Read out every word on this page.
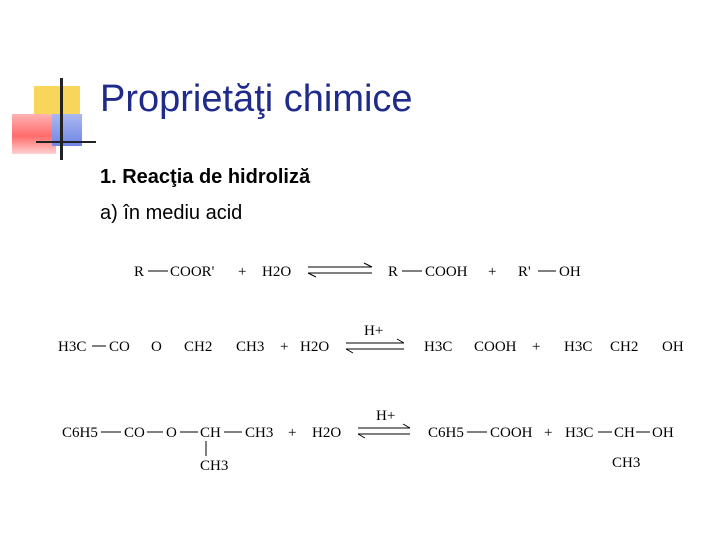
Proprietăţi chimice
1. Reacţia de hidroliză
a) în mediu acid
R COOR' + H2O	R COOH + R' OH
H+
H3C CO O CH2 CH3 + H2O	H3C COOH + H3C CH2 OH
H+
C6H5 CO O CH CH3 + H2O
CH3
C6H5 COOH + H3C CH OH
CH3
